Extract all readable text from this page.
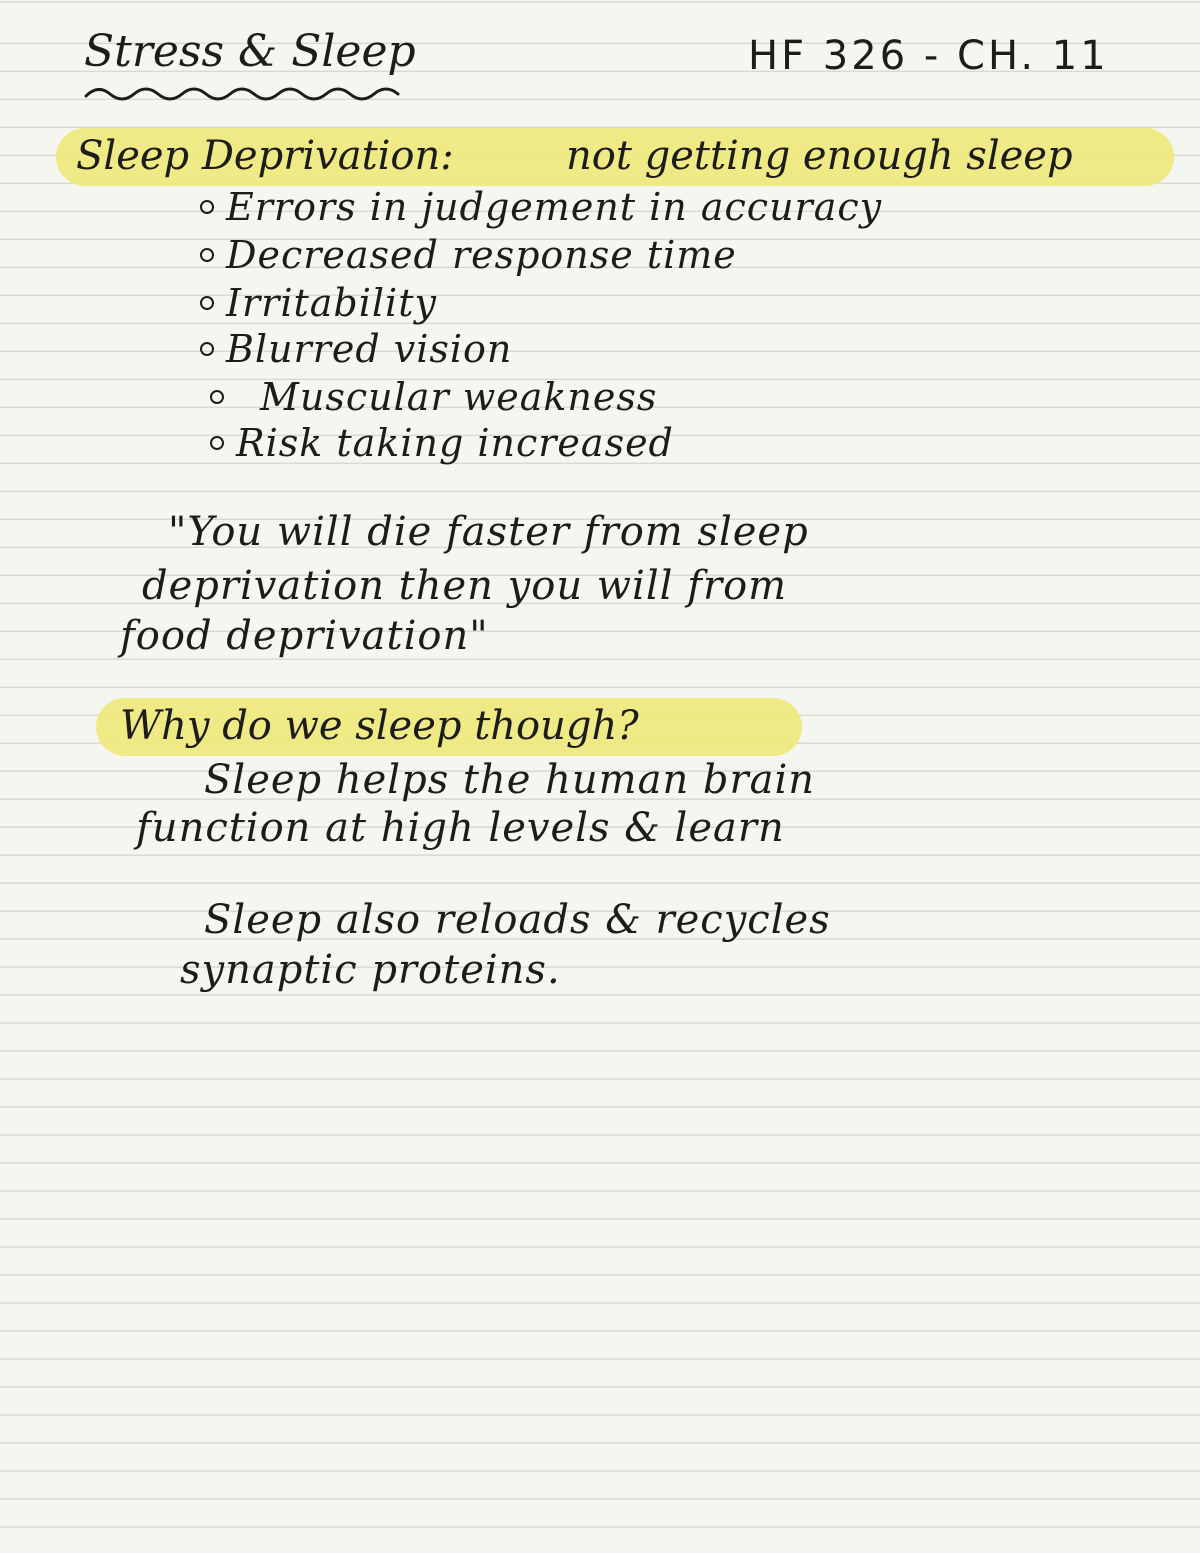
Stress & Sleep	HF 326 - CH. 11
Sleep Deprivation:	not getting enough sleep
Errors in judgement in accuracy
Decreased response time
Irritability
Blurred vision
Muscular weakness
Risk taking increased
"You will die faster from sleep
deprivation then you will from
food deprivation"
Why do we sleep though?
Sleep helps the human brain
function at high levels & learn
Sleep also reloads & recycles
synaptic proteins.
